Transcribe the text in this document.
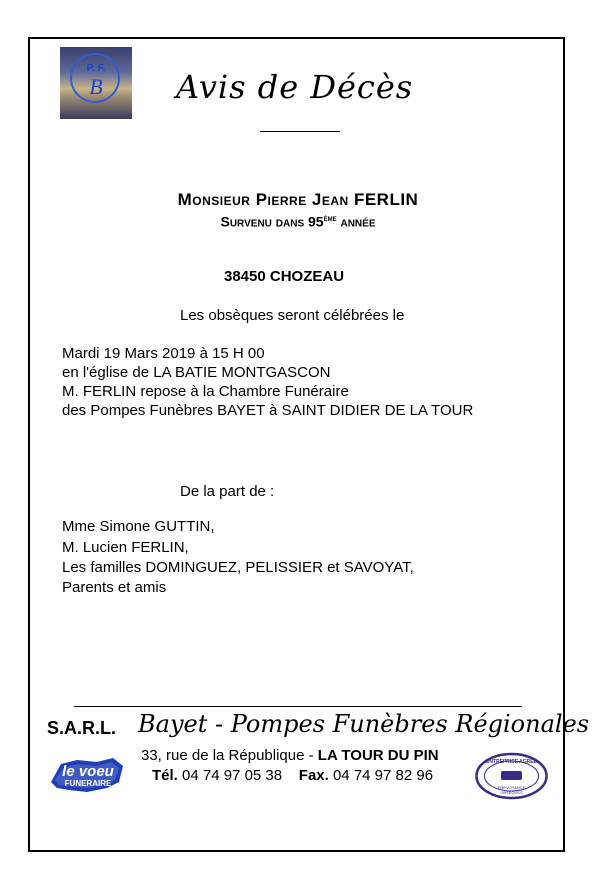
P. F.
B	Avis de Décès
Monsieur Pierre Jean FERLIN
Survenu dans 95ème année
38450 CHOZEAU
Les obsèques seront célébrées le
Mardi 19 Mars 2019 à 15 H 00
en l'église de LA BATIE MONTGASCON
M. FERLIN repose à la Chambre Funéraire
des Pompes Funèbres BAYET à SAINT DIDIER DE LA TOUR
De la part de :
Mme Simone GUTTIN,
M. Lucien FERLIN,
Les familles DOMINGUEZ, PELISSIER et SAVOYAT,
Parents et amis
S.A.R.L. Bayet - Pompes Funèbres Régionales
33, rue de la République - LA TOUR DU PIN
Tél. 04 74 97 05 38 Fax. 04 74 97 82 96
le voeu
FUNERAIRE
ENTREPRISE AGREE
PREVOYANCE
OBSEQUES
